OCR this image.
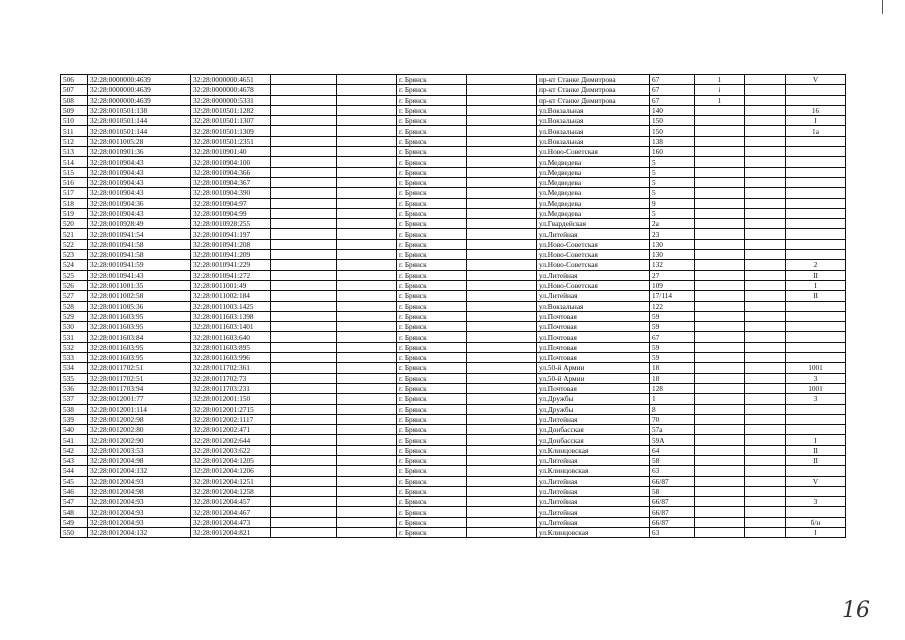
506	32:28:0000000:4639	32:28:0000000:4651			г. Брянск		пр-кт Станке Димитрова	67	1		V
507	32:28:0000000:4639	32:28:0000000:4678			г. Брянск		пр-кт Станке Димитрова	67	i		
508	32:28:0000000:4639	32:28:0000000:5331			г. Брянск		пр-кт Станке Димитрова	67	1		
509	32:28:0010501:138	32:28:0010501:1282			г. Брянск		ул.Вокзальная	140			16
510	32:28:0010501:144	32:28:0010501:1307			г. Брянск		ул.Вокзальная	150			I
511	32:28:0010501:144	32:28:0010501:1309			г. Брянск		ул.Вокзальная	150			1а
512	32:28:0011005:28	32:28:0010501:2351			г. Брянск		ул.Вокзальная	138			
513	32:28:0010901:36	32:28:0010901:40			г. Брянск		ул.Ново-Советская	160			
514	32:28:0010904:43	32:28:0010904:100			г. Брянск		ул.Медведева	5			
515	32:28:0010904:43	32:28:0010904:366			г. Брянск		ул.Медведева	5			
516	32:28:0010904:43	32:28:0010904:367			г. Брянск		ул.Медведева	5			
517	32:28:0010904:43	32:28:0010904:390			г. Брянск		ул.Медведева	5			
518	32:28:0010904:36	32:28:0010904:97			г. Брянск		ул.Медведева	9			
519	32:28:0010904:43	32:28:0010904:99			г. Брянск		ул.Медведева	5			
520	32:28:0010928:49	32:28:0010928:255			г. Брянск		ул.Гвардейская	2а			
521	32:28:0010941:54	32:28:0010941:197			г. Брянск		ул.Литейная	23			
522	32:28:0010941:58	32:28:0010941:208			г. Брянск		ул.Ново-Советская	130			
523	32:28:0010941:58	32:28:0010941:209			г. Брянск		ул.Ново-Советская	130			
524	32:28:0010941:59	32:28:0010941:229			г. Брянск		ул.Ново-Советская	132			2
525	32:28:0010941:43	32:28:0010941:272			г. Брянск		ул.Литейная	27			II
526	32:28:0011001:35	32:28:0011001:49			г. Брянск		ул.Ново-Советская	109			I
527	32:28:0011002:58	32:28:0011002:184			г. Брянск		ул.Литейная	17/114			II
528	32:28:0011005:36	32:28:0011003:1425			г. Брянск		ул.Вокзальная	122			
529	32:28:0011603:95	32:28:0011603:1398			г. Брянск		ул.Почтовая	59			
530	32:28:0011603:95	32:28:0011603:1401			г. Брянск		ул.Почтовая	59			
531	32:28:0011603:84	32:28:0011603:640			г. Брянск		ул.Почтовая	67			
532	32:28:0011603:95	32:28:0011603:895			г. Брянск		ул.Почтовая	59			
533	32:28:0011603:95	32:28:0011603:996			г. Брянск		ул.Почтовая	59			
534	32:28:0011702:51	32:28:0011702:361			г. Брянск		ул.50-й Армии	18			1001
535	32:28:0011702:51	32:28:0011702:73			г. Брянск		ул.50-й Армии	18			3
536	32:28:0011703:94	32:28:0011703:231			г. Брянск		ул.Почтовая	128			1001
537	32:28:0012001:77	32:28:0012001:150			г. Брянск		ул.Дружбы	1			3
538	32:28:0012001:114	32:28:0012001:2715			г. Брянск		ул.Дружбы	8			
539	32:28:0012002:98	32:28:0012002:1117			г. Брянск		ул.Литейная	70			
540	32:28:0012002:80	32:28:0012002:471			г. Брянск		ул.Донбасская	57а			
541	32:28:0012002:90	32:28:0012002:644			г. Брянск		ул.Донбасская	59А			I
542	32:28:0012003:53	32:28:0012003:622			г. Брянск		ул.Клинцовская	64			II
543	32:28:0012004:98	32:28:0012004:1205			г. Брянск		ул.Литейная	58			II
544	32:28:0012004:132	32:28:0012004:1206			г. Брянск		ул.Клинцовская	63			
545	32:28:0012004:93	32:28:0012004:1251			г. Брянск		ул.Литейная	66/87			V
546	32:28:0012004:98	32:28:0012004:1258			г. Брянск		ул.Литейная	58			
547	32:28:0012004:93	32:28:0012004:457			г. Брянск		ул.Литейная	66/87			3
548	32:28:0012004:93	32:28:0012004:467			г. Брянск		ул.Литейная	66/87			
549	32:28:0012004:93	32:28:0012004:473			г. Брянск		ул.Литейная	66/87			б/н
550	32:28:0012004:132	32:28:0012004:821			г. Брянск		ул.Клинцовская	63			I
16
